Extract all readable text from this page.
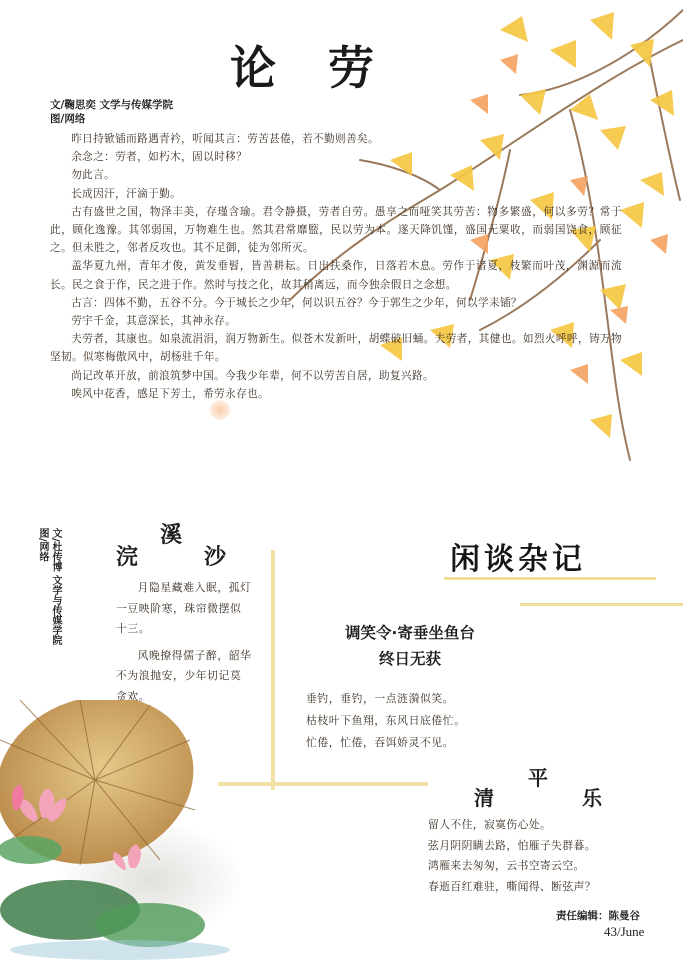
论劳
文/鞠思奕 文学与传媒学院
图/网络

昨日持锨锸而路遇青衿，听闻其言：劳苦甚倦，若不勤则善矣。

余念之：劳者，如朽木，固以时移？

勿此言。

长成因汗，汗滴于勤。

古有盛世之国，物泽丰美，存瑾含瑜。君令静摄，劳者自劳。愚享之而哑笑其劳苦：物多繁盛，何以多劳？常于此，顾化逸豫。其邻弱国，万物难生也。然其君常靡盬，民以劳为本。遂天降饥馑，盛国无粟收，而弱国饶食，顾征之。但未胜之，邻者反攻也。其不足御，徒为邻所灭。

盖华夏九州，青年才俊，黄发垂髫，皆善耕耘。日出扶桑作，日落若木息。劳作于诸夏，枝繁而叶茂，渊源而流长。民之食于作，民之进于作。然时与技之化，故其稍离远，而今独余假日之念想。

古言：四体不勤，五谷不分。今于城长之少年，何以识五谷？今于郭生之少年，何以学耒锸？

劳宇千金，其意深长，其神永存。

夫劳者，其康也。如泉流涓涓，润万物新生。似苍木发新叶，胡蝶破旧蛹。夫劳者，其健也。如烈火呼呼，铸万物坚韧。似寒梅傲风中，胡杨驻千年。

尚记改革开放，前浪筑梦中国。今我少年辈，何不以劳苦自居，助复兴路。

唉风中花香，感足下芳土，希劳永存也。

文/杜传博 文学与传媒学院
图/网络	浣
溪
沙

月隐星藏难入眠，孤灯一豆映阶寒，珠帘微摆似十三。

风晚撩得儒子醉，韶华不为浪抛安，少年切记莫贪欢。

闲谈杂记
调笑令·寄垂坐鱼台
终日无获
垂钓，垂钓，一点涟漪似笑。
枯枝叶下鱼翔，东风日底倦忙。
忙倦，忙倦，吞饵娇灵不见。
清
平
乐
留人不住，寂寞伤心处。
弦月阴阴瞒去路，怕雁子失群暮。
鸿雁来去匆匆，云书空寄云空。
春逝百红难驻，嘶闻得、断弦声？
责任编辑：陈曼谷
43/June
